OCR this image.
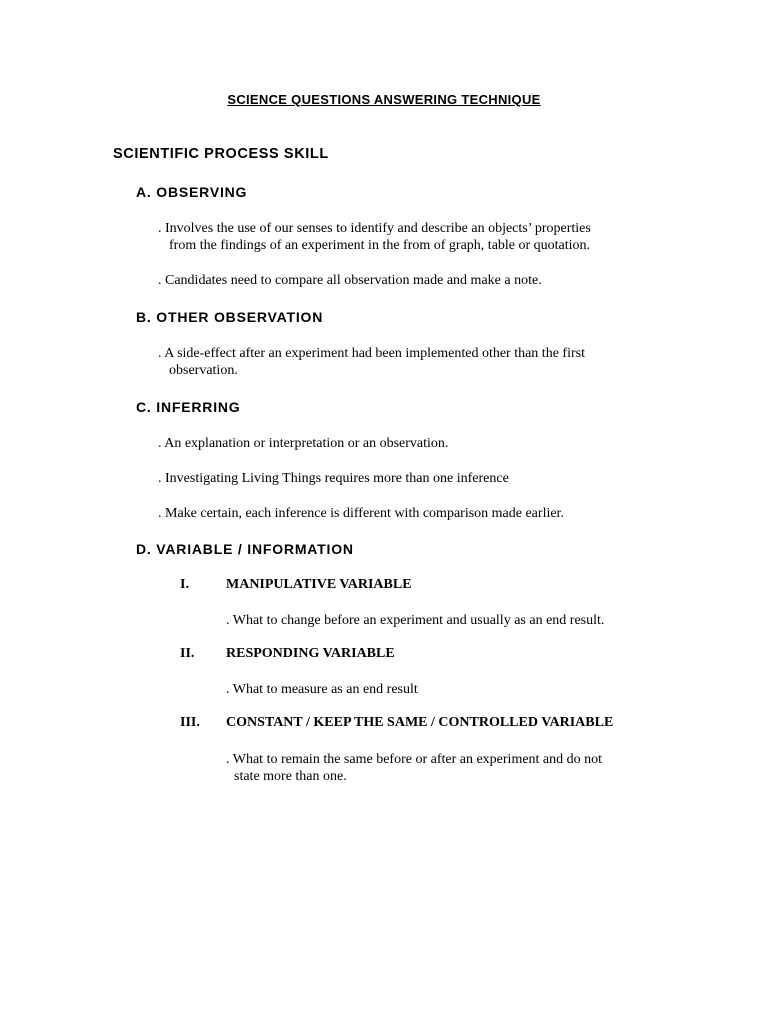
SCIENCE QUESTIONS ANSWERING TECHNIQUE
SCIENTIFIC PROCESS SKILL
A. OBSERVING
. Involves the use of our senses to identify and describe an objects’ properties
from the findings of an experiment in the from of graph, table or quotation.
. Candidates need to compare all observation made and make a note.
B. OTHER OBSERVATION
. A side-effect after an experiment had been implemented other than the first
observation.
C. INFERRING
. An explanation or interpretation or an observation.
. Investigating Living Things requires more than one inference
. Make certain, each inference is different with comparison made earlier.
D. VARIABLE / INFORMATION
I.	MANIPULATIVE VARIABLE
. What to change before an experiment and usually as an end result.
II. RESPONDING VARIABLE
. What to measure as an end result
III. CONSTANT / KEEP THE SAME / CONTROLLED VARIABLE
. What to remain the same before or after an experiment and do not
state more than one.
